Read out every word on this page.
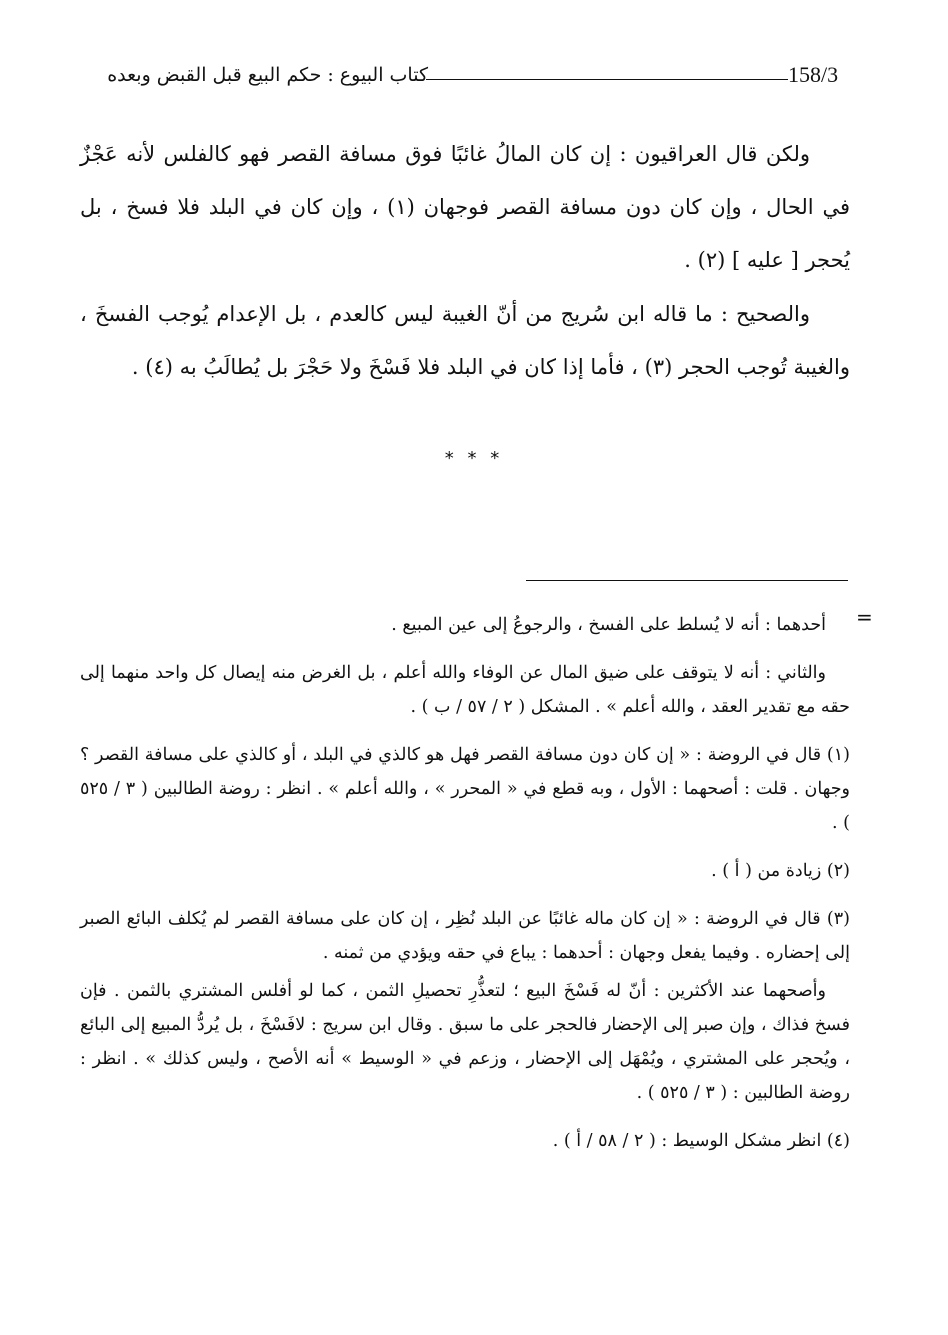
158/3
كتاب البيوع : حكم البيع قبل القبض وبعده
ولكن قال العراقيون : إن كان المالُ غائبًا فوق مسافة القصر فهو كالفلس لأنه عَجْزٌ في الحال ، وإن كان دون مسافة القصر فوجهان (١) ، وإن كان في البلد فلا فسخ ، بل يُحجر [ عليه ] (٢) .
والصحيح : ما قاله ابن سُريج من أنّ الغيبة ليس كالعدم ، بل الإعدام يُوجب الفسخَ ، والغيبة تُوجب الحجر (٣) ، فأما إذا كان في البلد فلا فَسْخَ ولا حَجْرَ بل يُطالَبُ به (٤) .
* * *
=

أحدهما : أنه لا يُسلط على الفسخ ، والرجوعُ إلى عين المبيع .

والثاني : أنه لا يتوقف على ضيق المال عن الوفاء والله أعلم ، بل الغرض منه إيصال كل واحد منهما إلى حقه مع تقدير العقد ، والله أعلم » . المشكل ( ٢ / ٥٧ / ب ) .

(١) قال في الروضة : « إن كان دون مسافة القصر فهل هو كالذي في البلد ، أو كالذي على مسافة القصر ؟ وجهان . قلت : أصحهما : الأول ، وبه قطع في « المحرر » ، والله أعلم » . انظر : روضة الطالبين ( ٣ / ٥٢٥ ) .

(٢) زيادة من ( أ ) .

(٣) قال في الروضة : « إن كان ماله غائبًا عن البلد نُظِر ، إن كان على مسافة القصر لم يُكلف البائع الصبر إلى إحضاره . وفيما يفعل وجهان : أحدهما : يباع في حقه ويؤدي من ثمنه .

وأصحهما عند الأكثرين : أنّ له فَسْخَ البيع ؛ لتعذُّرِ تحصيلِ الثمن ، كما لو أفلس المشتري بالثمن . فإن فسخ فذاك ، وإن صبر إلى الإحضار فالحجر على ما سبق . وقال ابن سريج : لافَسْخَ ، بل يُردُّ المبيع إلى البائع ، ويُحجر على المشتري ، ويُمْهَل إلى الإحضار ، وزعم في « الوسيط » أنه الأصح ، وليس كذلك » . انظر : روضة الطالبين : ( ٣ / ٥٢٥ ) .

(٤) انظر مشكل الوسيط : ( ٢ / ٥٨ / أ ) .
